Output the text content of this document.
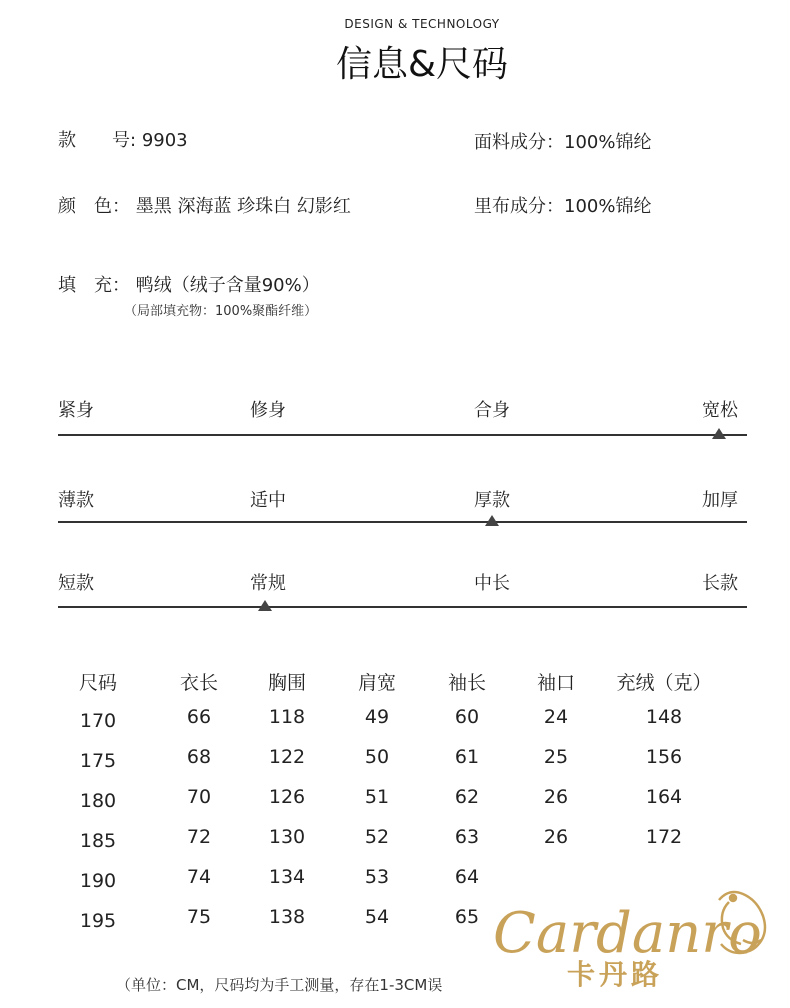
DESIGN & TECHNOLOGY
信息&尺码
款　　号: 9903	面料成分：100%锦纶
颜　色： 墨黑 深海蓝 珍珠白 幻影红	里布成分：100%锦纶
填　充： 鸭绒（绒子含量90%）
（局部填充物：100%聚酯纤维）
紧身	修身	合身	宽松
薄款	适中	厚款	加厚
短款	常规	中长	长款
尺码	衣长	胸围	肩宽	袖长	袖口	充绒（克）
170	66	118	49	60	24	148
175	68	122	50	61	25	156
180	70	126	51	62	26	164
185	72	130	52	63	26	172
190	74	134	53	64
195	75	138	54	65
（单位：CM，尺码均为手工测量，存在1-3CM误
Cardanro
卡丹路
